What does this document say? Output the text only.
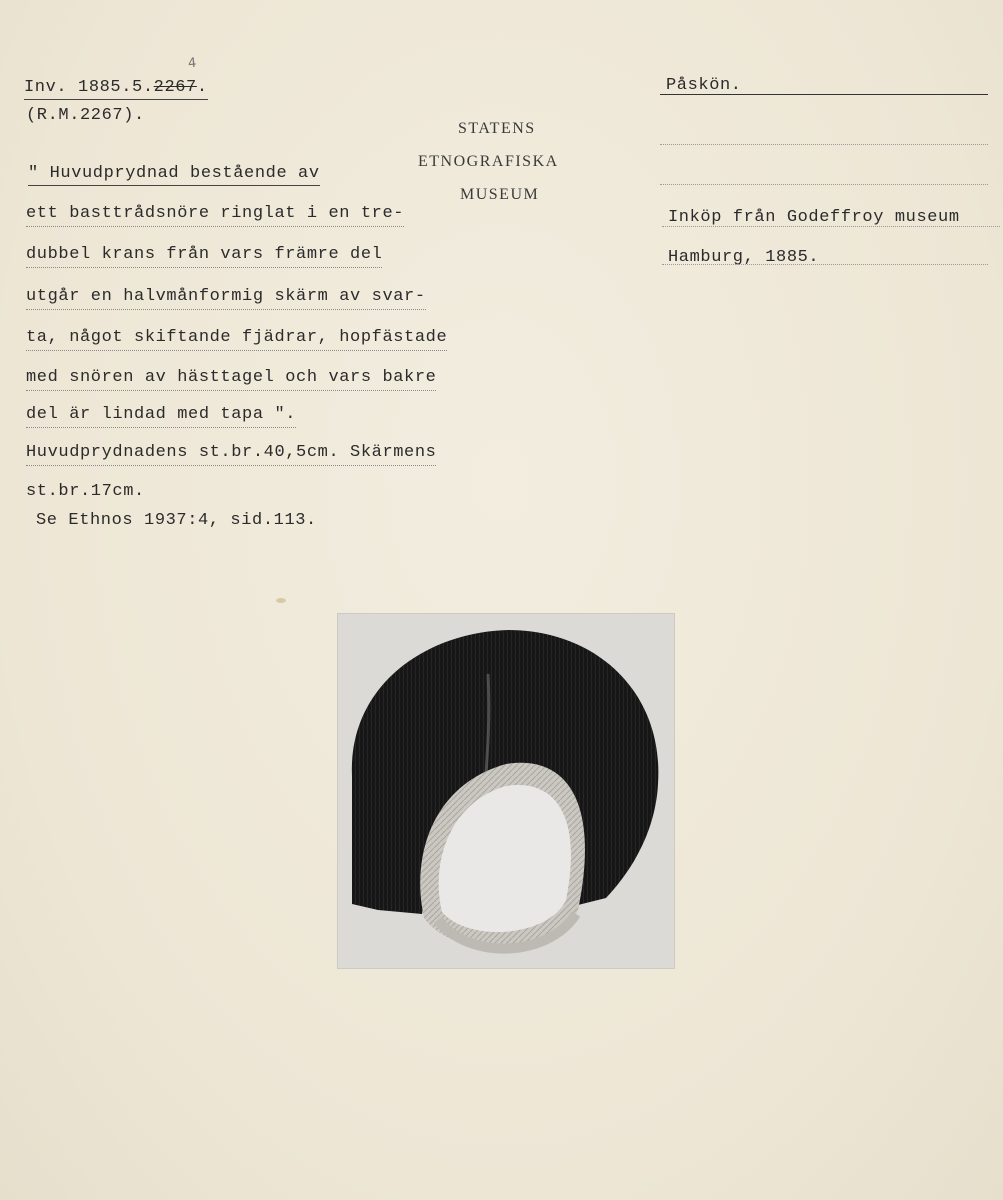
Inv. 1885.5.2267.
4
(R.M.2267).
STATENS
ETNOGRAFISKA
MUSEUM
Påskön.
Inköp från Godeffroy museum
Hamburg, 1885.
" Huvudprydnad bestående av
ett basttrådsnöre ringlat i en tre-
dubbel krans från vars främre del
utgår en halvmånformig skärm av svar-
ta, något skiftande fjädrar, hopfästade
med snören av hästtagel och vars bakre
del är lindad med tapa ".
Huvudprydnadens st.br.40,5cm. Skärmens
st.br.17cm.
Se Ethnos 1937:4, sid.113.
